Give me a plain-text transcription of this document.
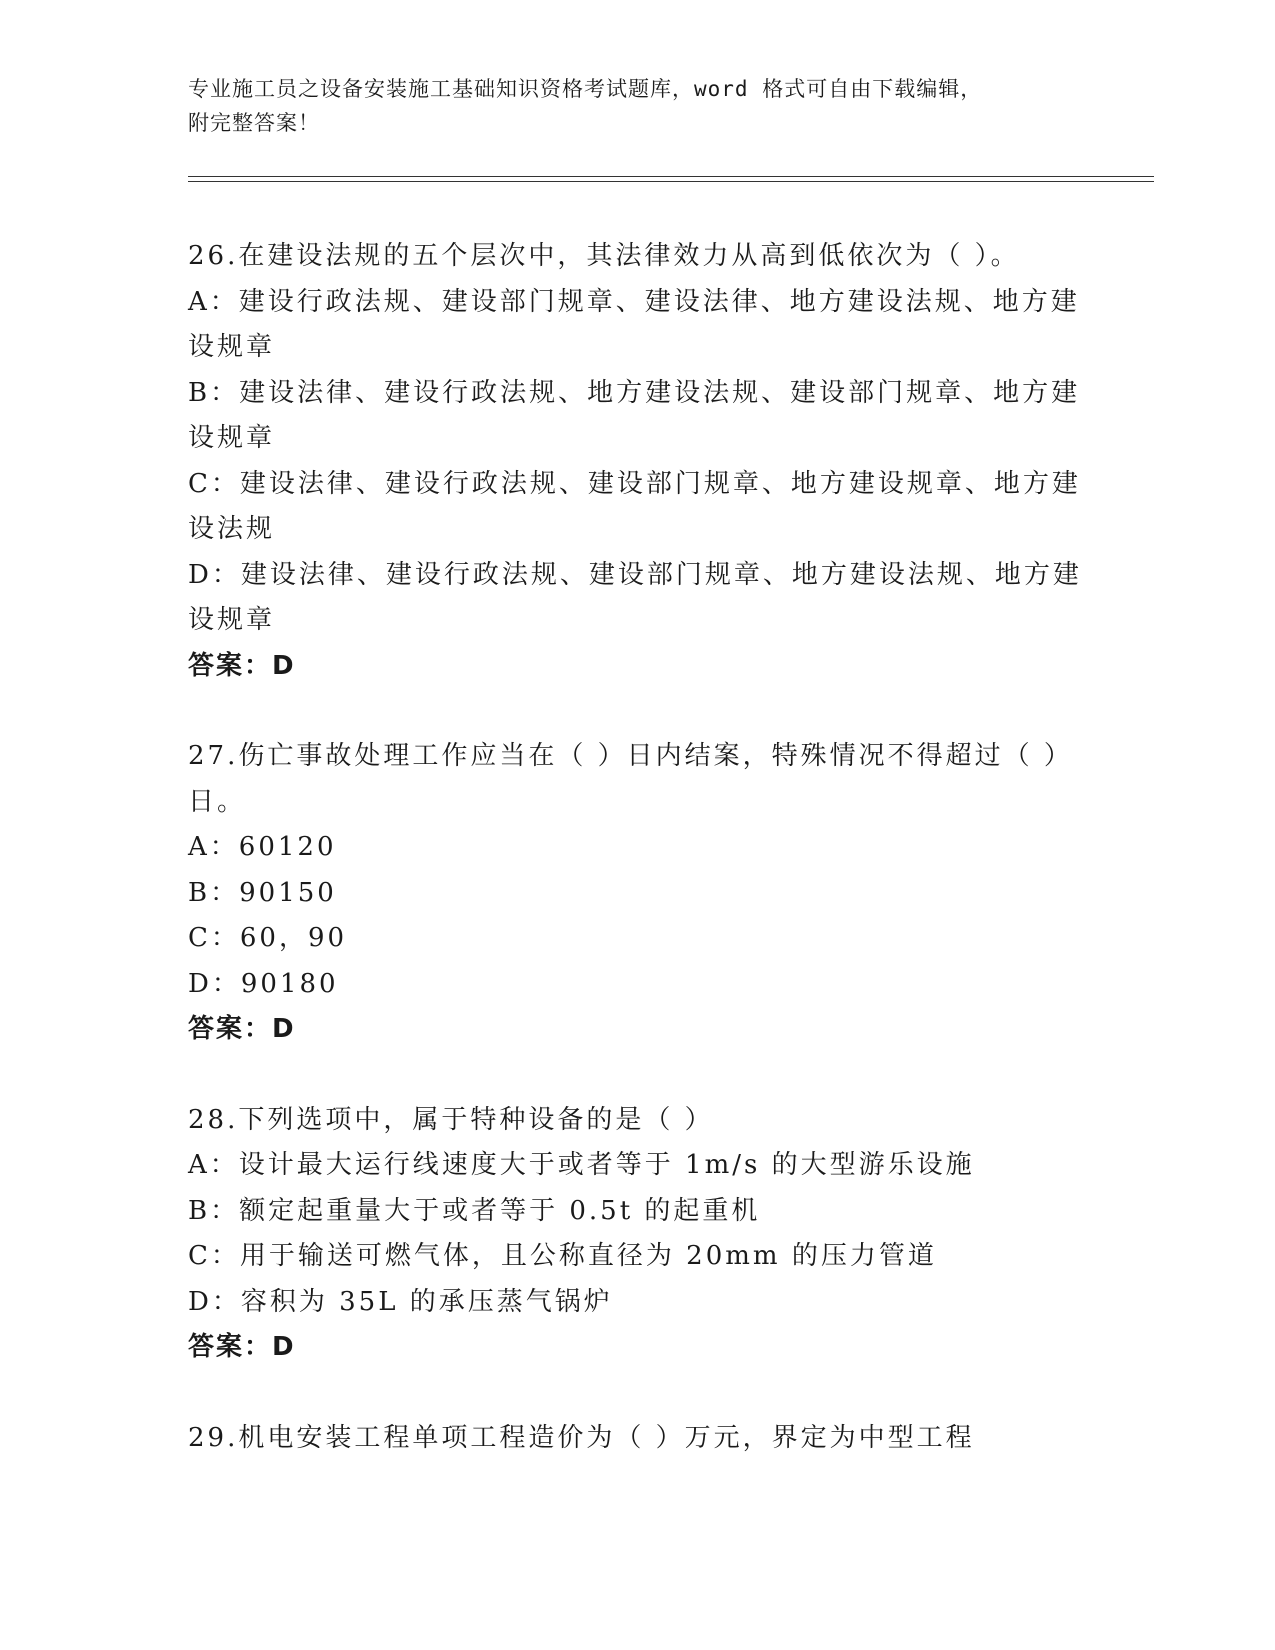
专业施工员之设备安装施工基础知识资格考试题库，word 格式可自由下载编辑，
附完整答案！

26.在建设法规的五个层次中，其法律效力从高到低依次为（ ）。

A：建设行政法规、建设部门规章、建设法律、地方建设法规、地方建设规章

B：建设法律、建设行政法规、地方建设法规、建设部门规章、地方建设规章

C：建设法律、建设行政法规、建设部门规章、地方建设规章、地方建设法规

D：建设法律、建设行政法规、建设部门规章、地方建设法规、地方建设规章

答案：D

27.伤亡事故处理工作应当在（ ）日内结案，特殊情况不得超过（ ）日。

A：60120

B：90150

C：60，90

D：90180

答案：D

28.下列选项中，属于特种设备的是（ ）

A：设计最大运行线速度大于或者等于 1m/s 的大型游乐设施

B：额定起重量大于或者等于 0.5t 的起重机

C：用于输送可燃气体，且公称直径为 20mm 的压力管道

D：容积为 35L 的承压蒸气锅炉

答案：D

29.机电安装工程单项工程造价为（ ）万元，界定为中型工程
